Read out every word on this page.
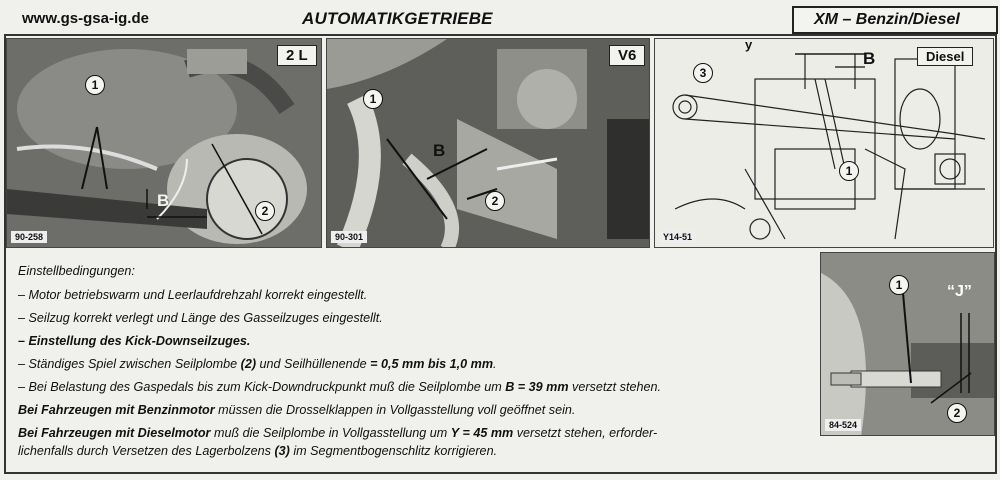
www.gs-gsa-ig.de	AUTOMATIKGETRIEBE	XM – Benzin/Diesel
2 L
1
2
B
90-258
V6
1
2
B
90-301
y
B	Diesel
3
1
Y14-51
Einstellbedingungen:
– Motor betriebswarm und Leerlaufdrehzahl korrekt eingestellt.
– Seilzug korrekt verlegt und Länge des Gasseilzuges eingestellt.
– Einstellung des Kick-Downseilzuges.
– Ständiges Spiel zwischen Seilplombe (2) und Seilhüllenende = 0,5 mm bis 1,0 mm.
– Bei Belastung des Gaspedals bis zum Kick-Downdruckpunkt muß die Seilplombe um B = 39 mm versetzt stehen.
Bei Fahrzeugen mit Benzinmotor müssen die Drosselklappen in Vollgasstellung voll geöffnet sein.
Bei Fahrzeugen mit Dieselmotor muß die Seilplombe in Vollgasstellung um Y = 45 mm versetzt stehen, erforder-
lichenfalls durch Versetzen des Lagerbolzens (3) im Segmentbogenschlitz korrigieren.
“J”
1
2
84-524
